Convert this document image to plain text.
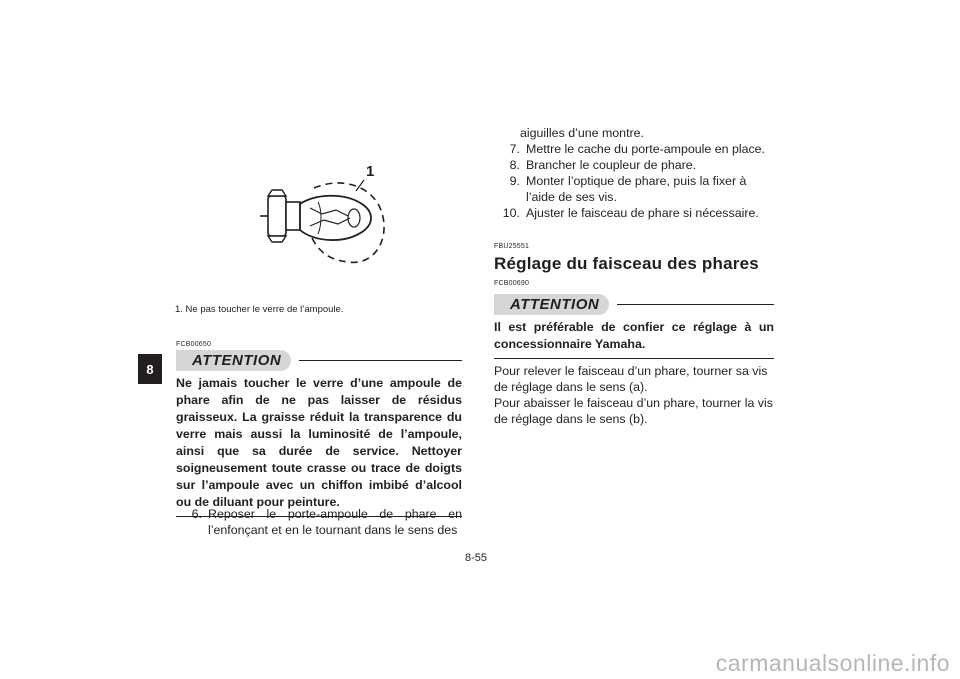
8
1
1. Ne pas toucher le verre de l’ampoule.
FCB00650
ATTENTION
Ne jamais toucher le verre d’une ampoule de phare afin de ne pas laisser de résidus graisseux. La graisse réduit la transparence du verre mais aussi la luminosité de l’ampoule, ainsi que sa durée de service. Nettoyer soigneusement toute crasse ou trace de doigts sur l’ampoule avec un chiffon imbibé d’alcool ou de diluant pour peinture.
6. Reposer le porte-ampoule de phare en l’enfonçant et en le tournant dans le sens des
aiguilles d’une montre.
7. Mettre le cache du porte-ampoule en place.
8. Brancher le coupleur de phare.
9. Monter l’optique de phare, puis la fixer à l’aide de ses vis.
10. Ajuster le faisceau de phare si nécessaire.
FBU25551
Réglage du faisceau des phares
FCB00690
ATTENTION
Il est préférable de confier ce réglage à un concessionnaire Yamaha.
Pour relever le faisceau d’un phare, tourner sa vis de réglage dans le sens (a).
Pour abaisser le faisceau d’un phare, tourner la vis de réglage dans le sens (b).
8-55
carmanualsonline.info
